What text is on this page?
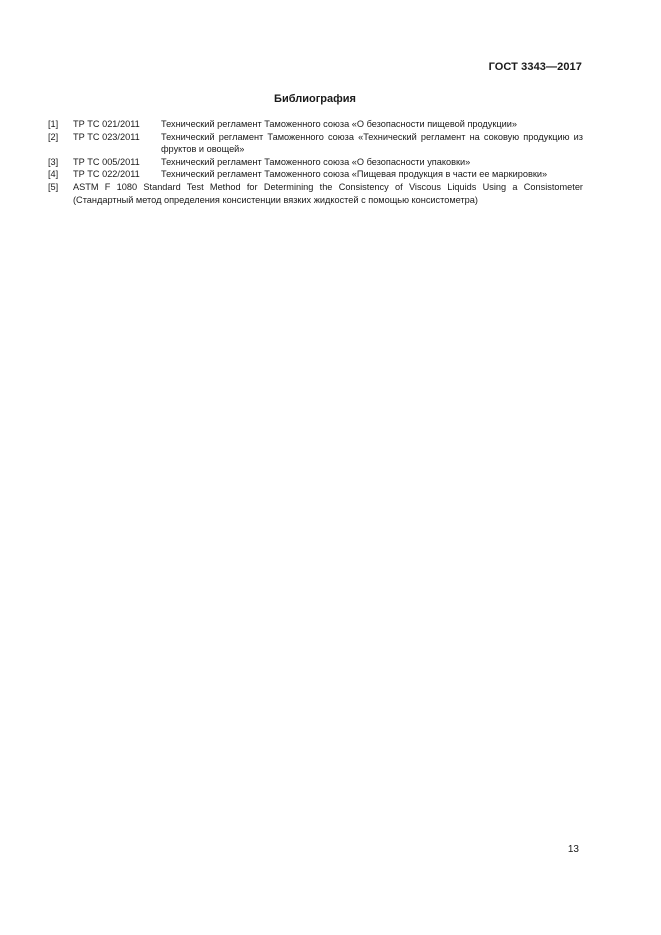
ГОСТ 3343—2017
Библиография
[1] ТР ТС 021/2011 Технический регламент Таможенного союза «О безопасности пищевой продукции»
[2] ТР ТС 023/2011 Технический регламент Таможенного союза «Технический регламент на соковую продукцию из фруктов и овощей»
[3] ТР ТС 005/2011 Технический регламент Таможенного союза «О безопасности упаковки»
[4] ТР ТС 022/2011 Технический регламент Таможенного союза «Пищевая продукция в части ее маркировки»
[5] ASTM F 1080 Standard Test Method for Determining the Consistency of Viscous Liquids Using a Consistometer (Стандартный метод определения консистенции вязких жидкостей с помощью консистометра)
13
